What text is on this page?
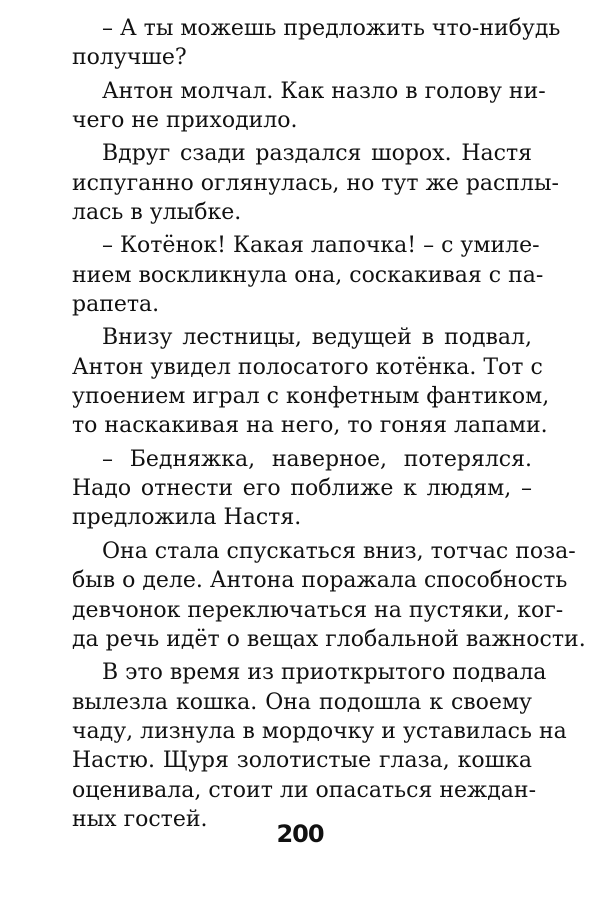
– А ты можешь предложить что-нибудь
получше?

Антон молчал. Как назло в голову ни-
чего не приходило.

Вдруг сзади раздался шорох. Настя
испуганно оглянулась, но тут же расплы-
лась в улыбке.

– Котёнок! Какая лапочка! – с умиле-
нием воскликнула она, соскакивая с па-
рапета.

Внизу лестницы, ведущей в подвал,
Антон увидел полосатого котёнка. Тот с
упоением играл с конфетным фантиком,
то наскакивая на него, то гоняя лапами.

– Бедняжка, наверное, потерялся.
Надо отнести его поближе к людям, –
предложила Настя.

Она стала спускаться вниз, тотчас поза-
быв о деле. Антона поражала способность
девчонок переключаться на пустяки, ког-
да речь идёт о вещах глобальной важности.

В это время из приоткрытого подвала
вылезла кошка. Она подошла к своему
чаду, лизнула в мордочку и уставилась на
Настю. Щуря золотистые глаза, кошка
оценивала, стоит ли опасаться неждан-
ных гостей.

200
